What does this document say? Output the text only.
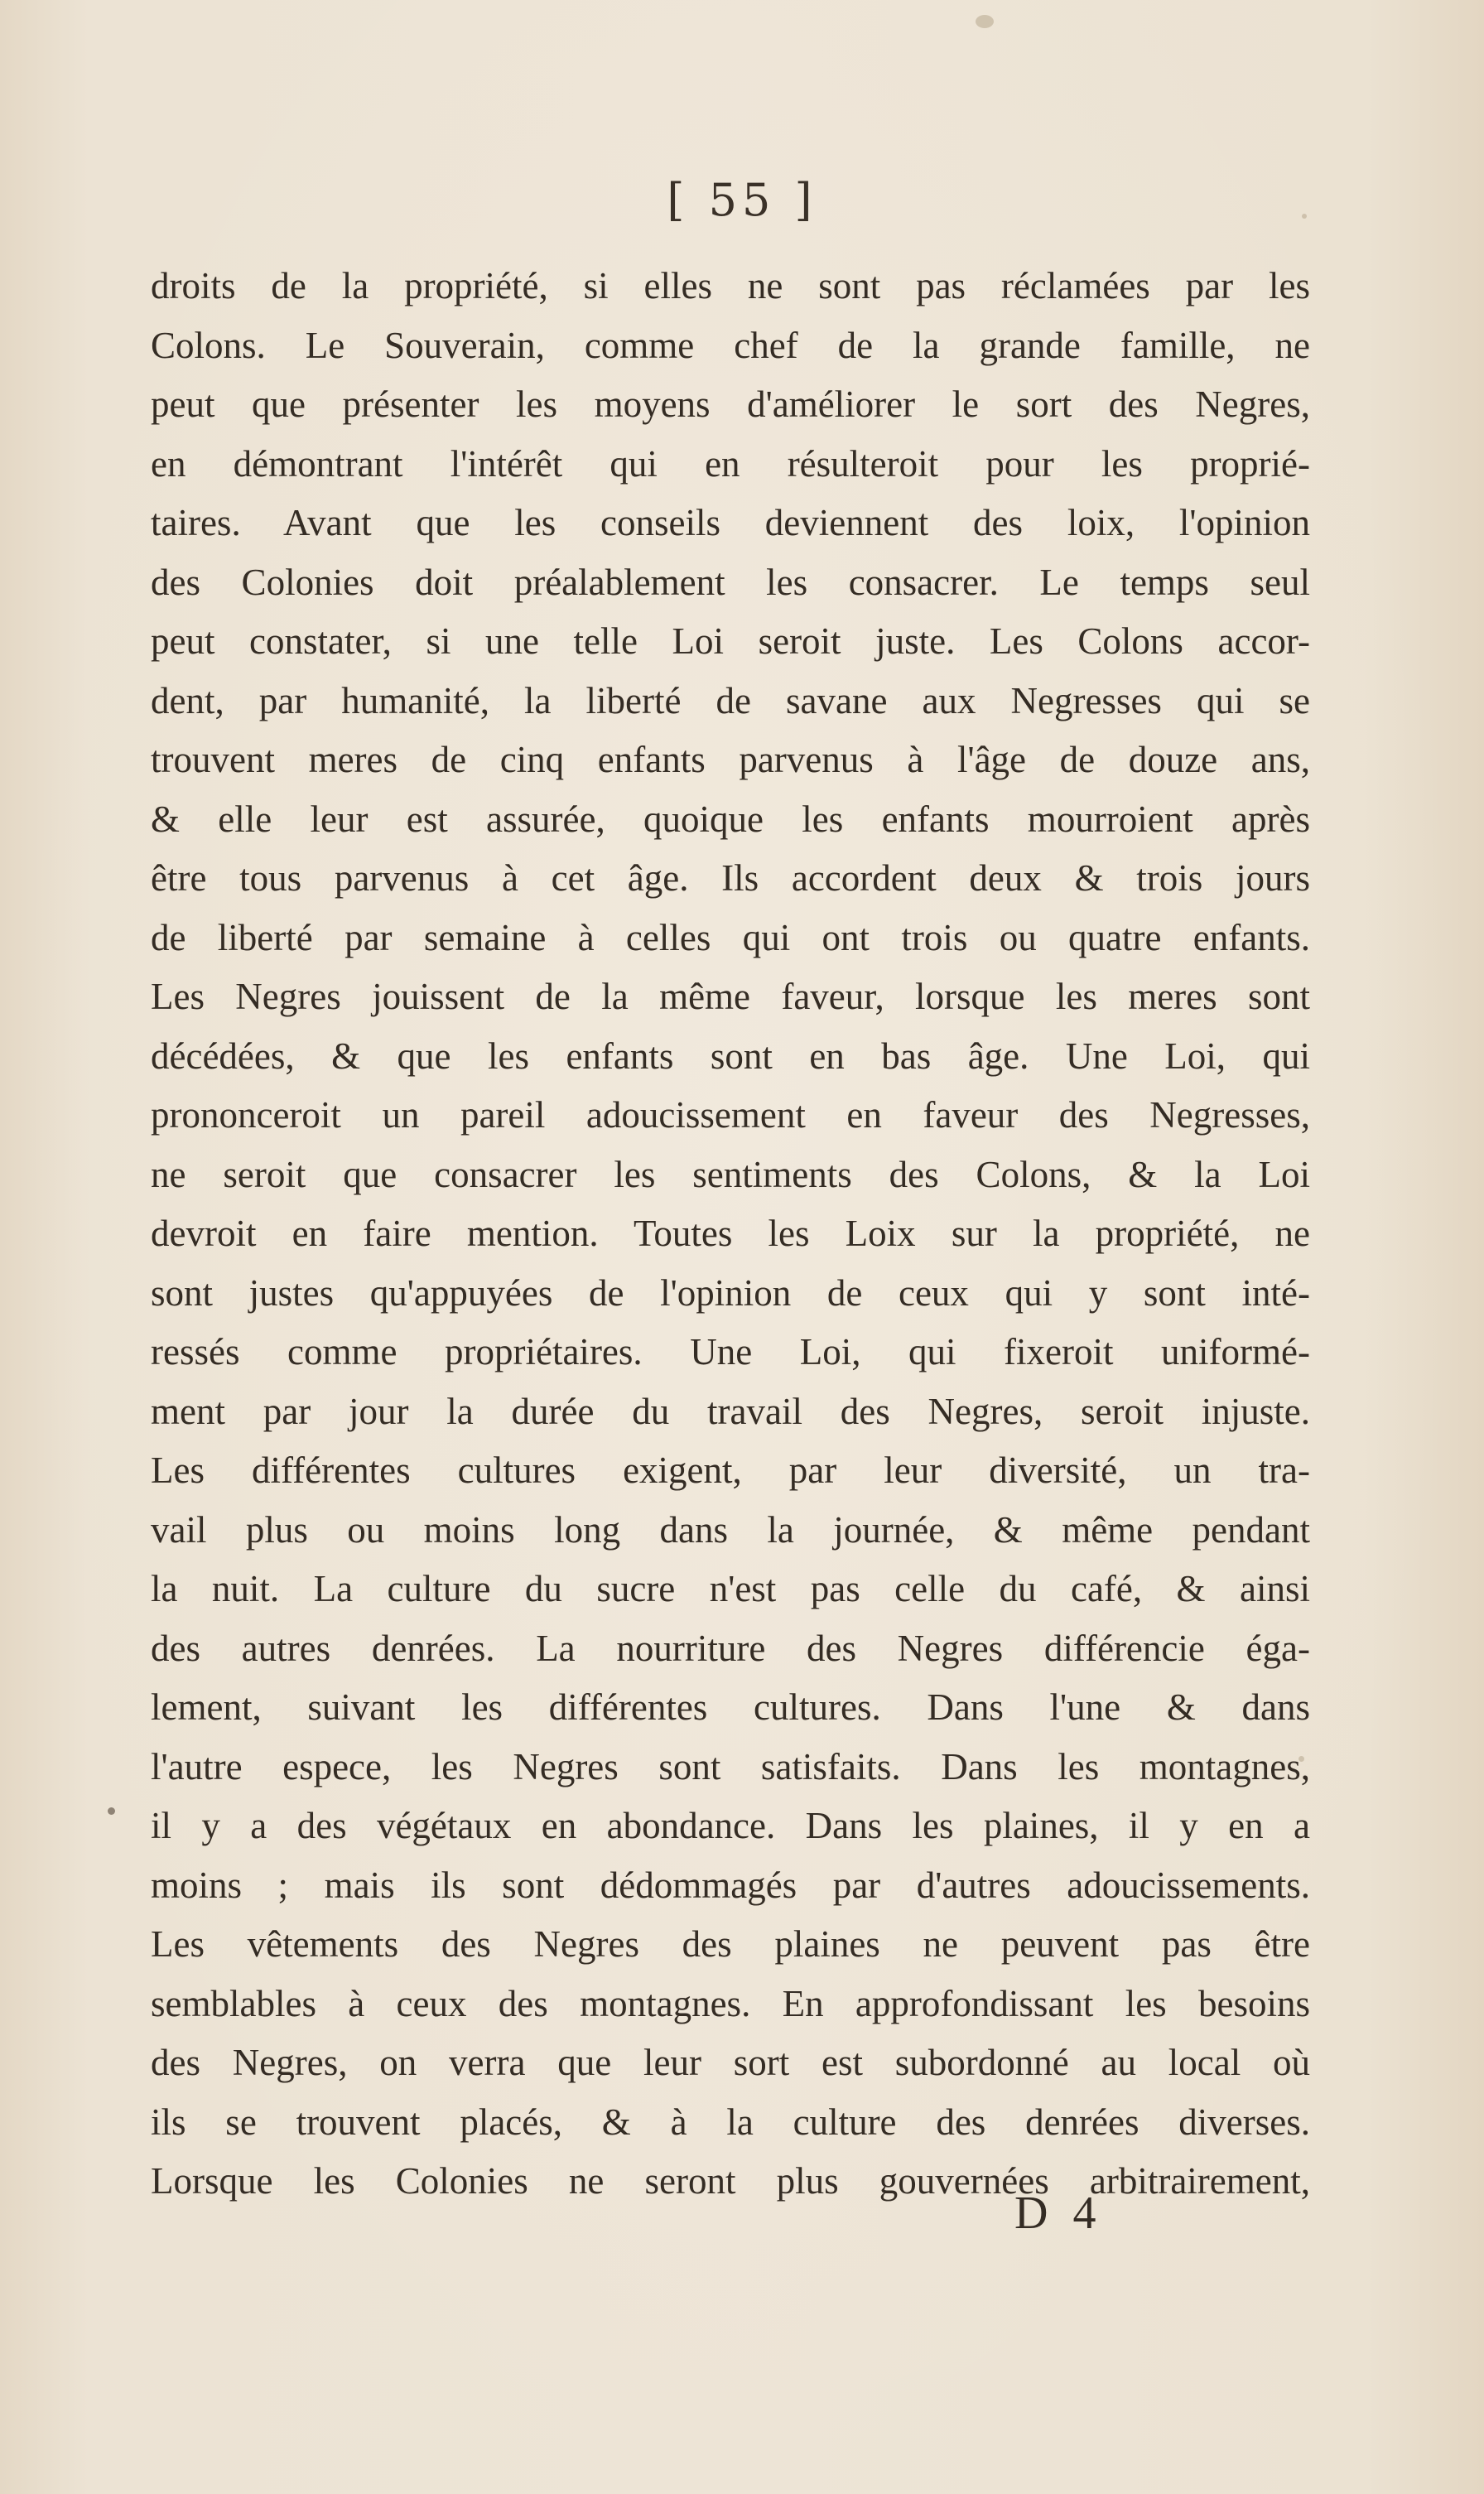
[ 55 ]
droits de la propriété, si elles ne sont pas réclamées par les
Colons. Le Souverain, comme chef de la grande famille, ne
peut que présenter les moyens d'améliorer le sort des Negres,
en démontrant l'intérêt qui en résulteroit pour les proprié-
taires. Avant que les conseils deviennent des loix, l'opinion
des Colonies doit préalablement les consacrer. Le temps seul
peut constater, si une telle Loi seroit juste. Les Colons accor-
dent, par humanité, la liberté de savane aux Negresses qui se
trouvent meres de cinq enfants parvenus à l'âge de douze ans,
& elle leur est assurée, quoique les enfants mourroient après
être tous parvenus à cet âge. Ils accordent deux & trois jours
de liberté par semaine à celles qui ont trois ou quatre enfants.
Les Negres jouissent de la même faveur, lorsque les meres sont
décédées, & que les enfants sont en bas âge. Une Loi, qui
prononceroit un pareil adoucissement en faveur des Negresses,
ne seroit que consacrer les sentiments des Colons, & la Loi
devroit en faire mention. Toutes les Loix sur la propriété, ne
sont justes qu'appuyées de l'opinion de ceux qui y sont inté-
ressés comme propriétaires. Une Loi, qui fixeroit uniformé-
ment par jour la durée du travail des Negres, seroit injuste.
Les différentes cultures exigent, par leur diversité, un tra-
vail plus ou moins long dans la journée, & même pendant
la nuit. La culture du sucre n'est pas celle du café, & ainsi
des autres denrées. La nourriture des Negres différencie éga-
lement, suivant les différentes cultures. Dans l'une & dans
l'autre espece, les Negres sont satisfaits. Dans les montagnes,
il y a des végétaux en abondance. Dans les plaines, il y en a
moins ; mais ils sont dédommagés par d'autres adoucissements.
Les vêtements des Negres des plaines ne peuvent pas être
semblables à ceux des montagnes. En approfondissant les besoins
des Negres, on verra que leur sort est subordonné au local où
ils se trouvent placés, & à la culture des denrées diverses.
Lorsque les Colonies ne seront plus gouvernées arbitrairement,
D 4
